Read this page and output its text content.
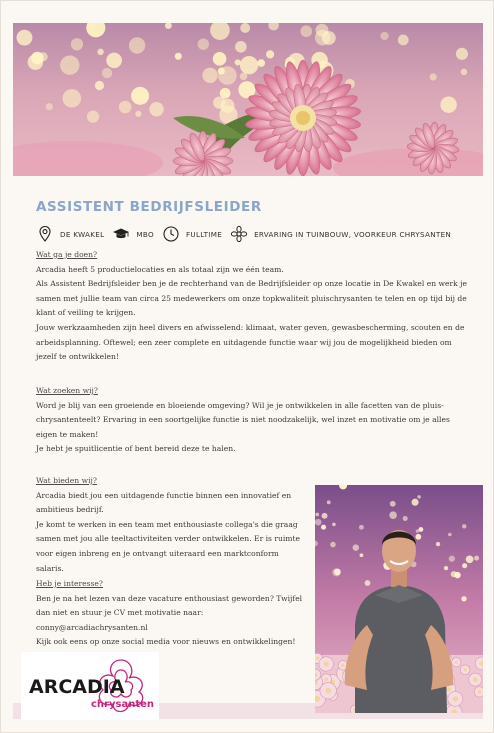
ASSISTENT BEDRIJFSLEIDER
DE KWAKEL	MBO	FULLTIME	ERVARING IN TUINBOUW, VOORKEUR CHRYSANTEN

Wat ga je doen?

Arcadia heeft 5 productielocaties en als totaal zijn we één team.

Als Assistent Bedrijfsleider ben je de rechterhand van de Bedrijfsleider op onze locatie in De Kwakel en werk je samen met jullie team van circa 25 medewerkers om onze topkwaliteit pluischrysanten te telen en op tijd bij de klant of veiling te krijgen.

Jouw werkzaamheden zijn heel divers en afwisselend: klimaat, water geven, gewasbescherming, scouten en de arbeidsplanning. Oftewel; een zeer complete en uitdagende functie waar wij jou de mogelijkheid bieden om jezelf te ontwikkelen!

Wat zoeken wij?

Word je blij van een groeiende en bloeiende omgeving? Wil je je ontwikkelen in alle facetten van de pluis-chrysantenteelt? Ervaring in een soortgelijke functie is niet noodzakelijk, wel inzet en motivatie om je alles eigen te maken!

Je hebt je spuitlicentie of bent bereid deze te halen.

Wat bieden wij?

Arcadia biedt jou een uitdagende functie binnen een innovatief en ambitieus bedrijf.

Je komt te werken in een team met enthousiaste collega's die graag samen met jou alle teeltactiviteiten verder ontwikkelen. Er is ruimte voor eigen inbreng en je ontvangt uiteraard een marktconform salaris.

Heb je interesse?

Ben je na het lezen van deze vacature enthousiast geworden? Twijfel dan niet en stuur je CV met motivatie naar: conny@arcadiachrysanten.nl

Kijk ook eens op onze social media voor nieuws en ontwikkelingen!

ARCADIA
chrysanten
